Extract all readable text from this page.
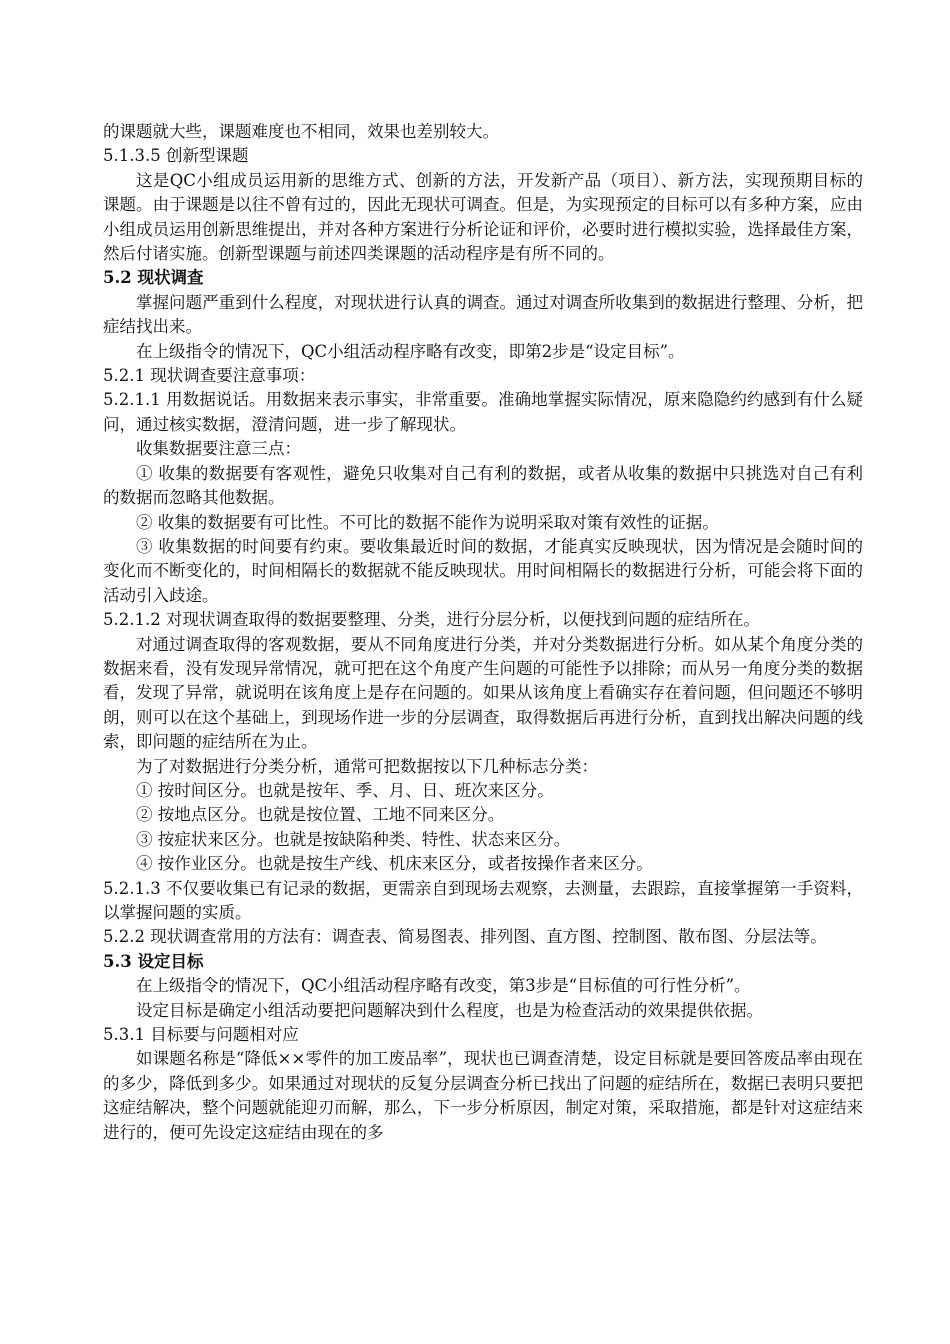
的课题就大些，课题难度也不相同，效果也差别较大。

5.1.3.5 创新型课题

这是QC小组成员运用新的思维方式、创新的方法，开发新产品（项目）、新方法，实现预期目标的课题。由于课题是以往不曾有过的，因此无现状可调查。但是，为实现预定的目标可以有多种方案，应由小组成员运用创新思维提出，并对各种方案进行分析论证和评价，必要时进行模拟实验，选择最佳方案，然后付诸实施。创新型课题与前述四类课题的活动程序是有所不同的。

5.2 现状调查

掌握问题严重到什么程度，对现状进行认真的调查。通过对调查所收集到的数据进行整理、分析，把症结找出来。

在上级指令的情况下，QC小组活动程序略有改变，即第2步是“设定目标”。

5.2.1 现状调查要注意事项：

5.2.1.1 用数据说话。用数据来表示事实，非常重要。准确地掌握实际情况，原来隐隐约约感到有什么疑问，通过核实数据，澄清问题，进一步了解现状。

收集数据要注意三点：

① 收集的数据要有客观性，避免只收集对自己有利的数据，或者从收集的数据中只挑选对自己有利的数据而忽略其他数据。

② 收集的数据要有可比性。不可比的数据不能作为说明采取对策有效性的证据。

③ 收集数据的时间要有约束。要收集最近时间的数据，才能真实反映现状，因为情况是会随时间的变化而不断变化的，时间相隔长的数据就不能反映现状。用时间相隔长的数据进行分析，可能会将下面的活动引入歧途。

5.2.1.2 对现状调查取得的数据要整理、分类，进行分层分析，以便找到问题的症结所在。

对通过调查取得的客观数据，要从不同角度进行分类，并对分类数据进行分析。如从某个角度分类的数据来看，没有发现异常情况，就可把在这个角度产生问题的可能性予以排除；而从另一角度分类的数据看，发现了异常，就说明在该角度上是存在问题的。如果从该角度上看确实存在着问题，但问题还不够明朗，则可以在这个基础上，到现场作进一步的分层调查，取得数据后再进行分析，直到找出解决问题的线索，即问题的症结所在为止。

为了对数据进行分类分析，通常可把数据按以下几种标志分类：

① 按时间区分。也就是按年、季、月、日、班次来区分。

② 按地点区分。也就是按位置、工地不同来区分。

③ 按症状来区分。也就是按缺陷种类、特性、状态来区分。

④ 按作业区分。也就是按生产线、机床来区分，或者按操作者来区分。

5.2.1.3 不仅要收集已有记录的数据，更需亲自到现场去观察，去测量，去跟踪，直接掌握第一手资料，以掌握问题的实质。

5.2.2 现状调查常用的方法有：调查表、简易图表、排列图、直方图、控制图、散布图、分层法等。

5.3 设定目标

在上级指令的情况下，QC小组活动程序略有改变，第3步是“目标值的可行性分析”。

设定目标是确定小组活动要把问题解决到什么程度，也是为检查活动的效果提供依据。

5.3.1 目标要与问题相对应

如课题名称是“降低××零件的加工废品率”，现状也已调查清楚，设定目标就是要回答废品率由现在的多少，降低到多少。如果通过对现状的反复分层调查分析已找出了问题的症结所在，数据已表明只要把这症结解决，整个问题就能迎刃而解，那么，下一步分析原因，制定对策，采取措施，都是针对这症结来进行的，便可先设定这症结由现在的多
